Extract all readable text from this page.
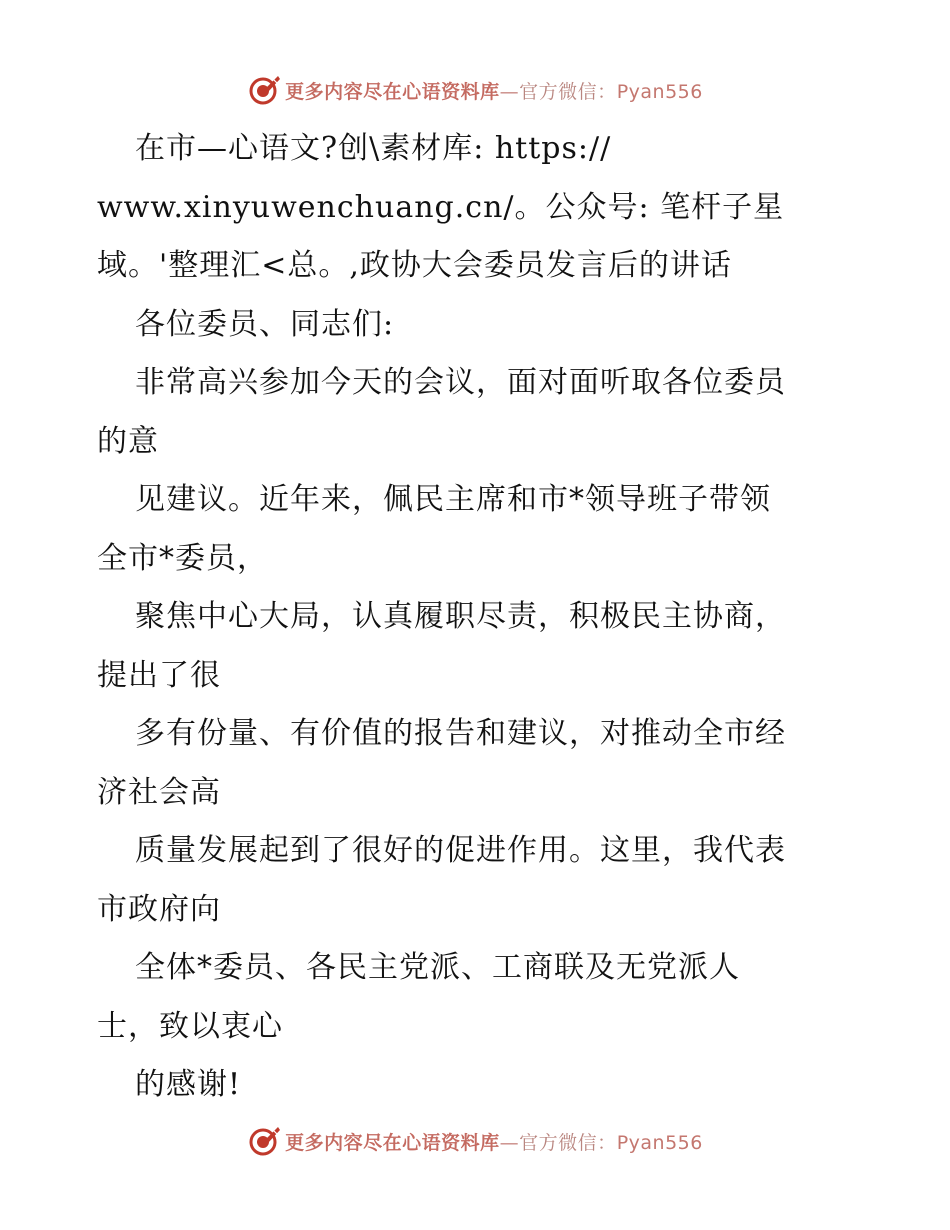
更多内容尽在心语资料库—官方微信：Pyan556
在市—心语文?创\素材库: https://
www.xinyuwenchuang.cn/。公众号: 笔杆子星
域。'整理汇<总。,政协大会委员发言后的讲话
各位委员、同志们:
非常高兴参加今天的会议，面对面听取各位委员
的意
见建议。近年来，佩民主席和市*领导班子带领
全市*委员，
聚焦中心大局，认真履职尽责，积极民主协商，
提出了很
多有份量、有价值的报告和建议，对推动全市经
济社会高
质量发展起到了很好的促进作用。这里，我代表
市政府向
全体*委员、各民主党派、工商联及无党派人
士，致以衷心
的感谢!
更多内容尽在心语资料库—官方微信：Pyan556
